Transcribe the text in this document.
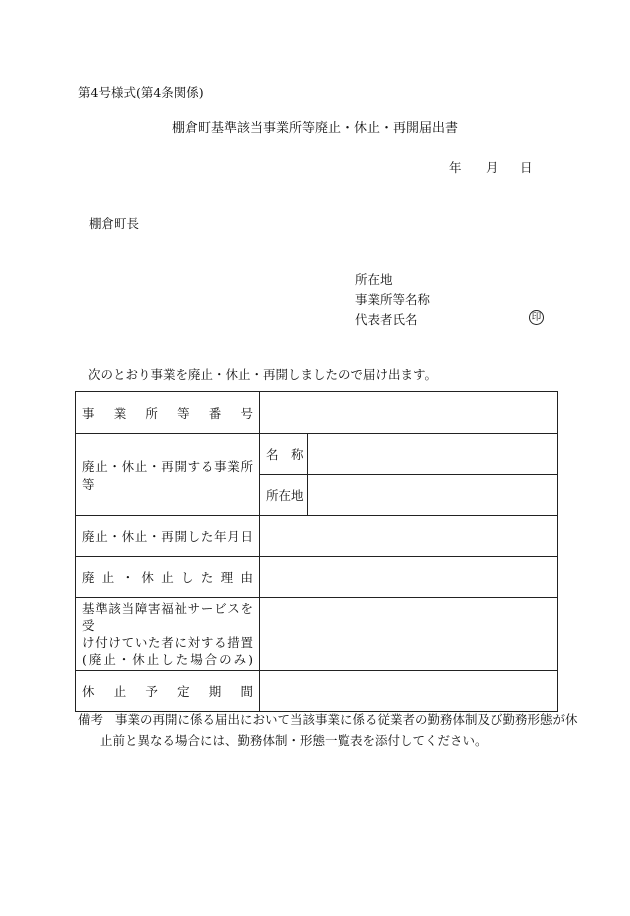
第4号様式(第4条関係)
棚倉町基準該当事業所等廃止・休止・再開届出書
年 月 日
棚倉町長
所在地
事業所等名称
代表者氏名	印
次のとおり事業を廃止・休止・再開しましたので届け出ます。
事業所等番号		
廃止・休止・再開する事業所等	名　称	
	所在地	
廃止・休止・再開した年月日		
廃止・休止した理由		

基準該当障害福祉サービスを受
け付けていた者に対する措置
(廃止・休止した場合のみ)		

休止予定期間		
備考 事業の再開に係る届出において当該事業に係る従業者の勤務体制及び勤務形態が休
止前と異なる場合には、勤務体制・形態一覧表を添付してください。
